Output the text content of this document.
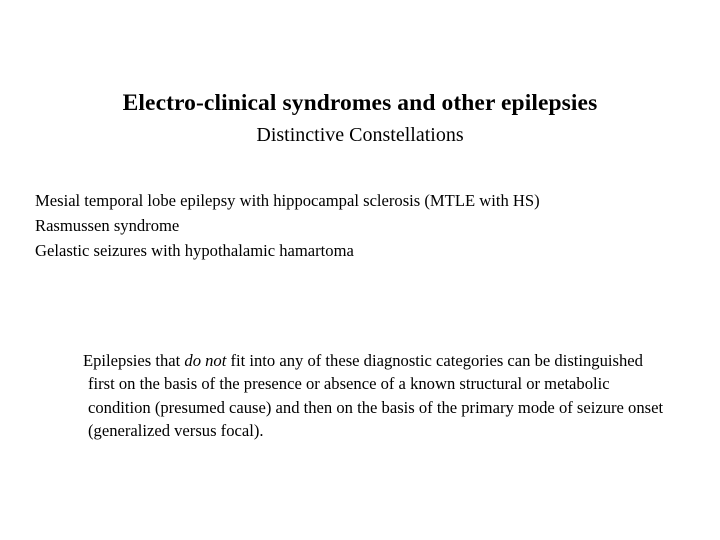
Electro-clinical syndromes and other epilepsies
Distinctive Constellations
Mesial temporal lobe epilepsy with hippocampal sclerosis (MTLE with HS)
Rasmussen syndrome
Gelastic seizures with hypothalamic hamartoma

Epilepsies that do not fit into any of these diagnostic categories can be distinguished first on the basis of the presence or absence of a known structural or metabolic condition (presumed cause) and then on the basis of the primary mode of seizure onset (generalized versus focal).
